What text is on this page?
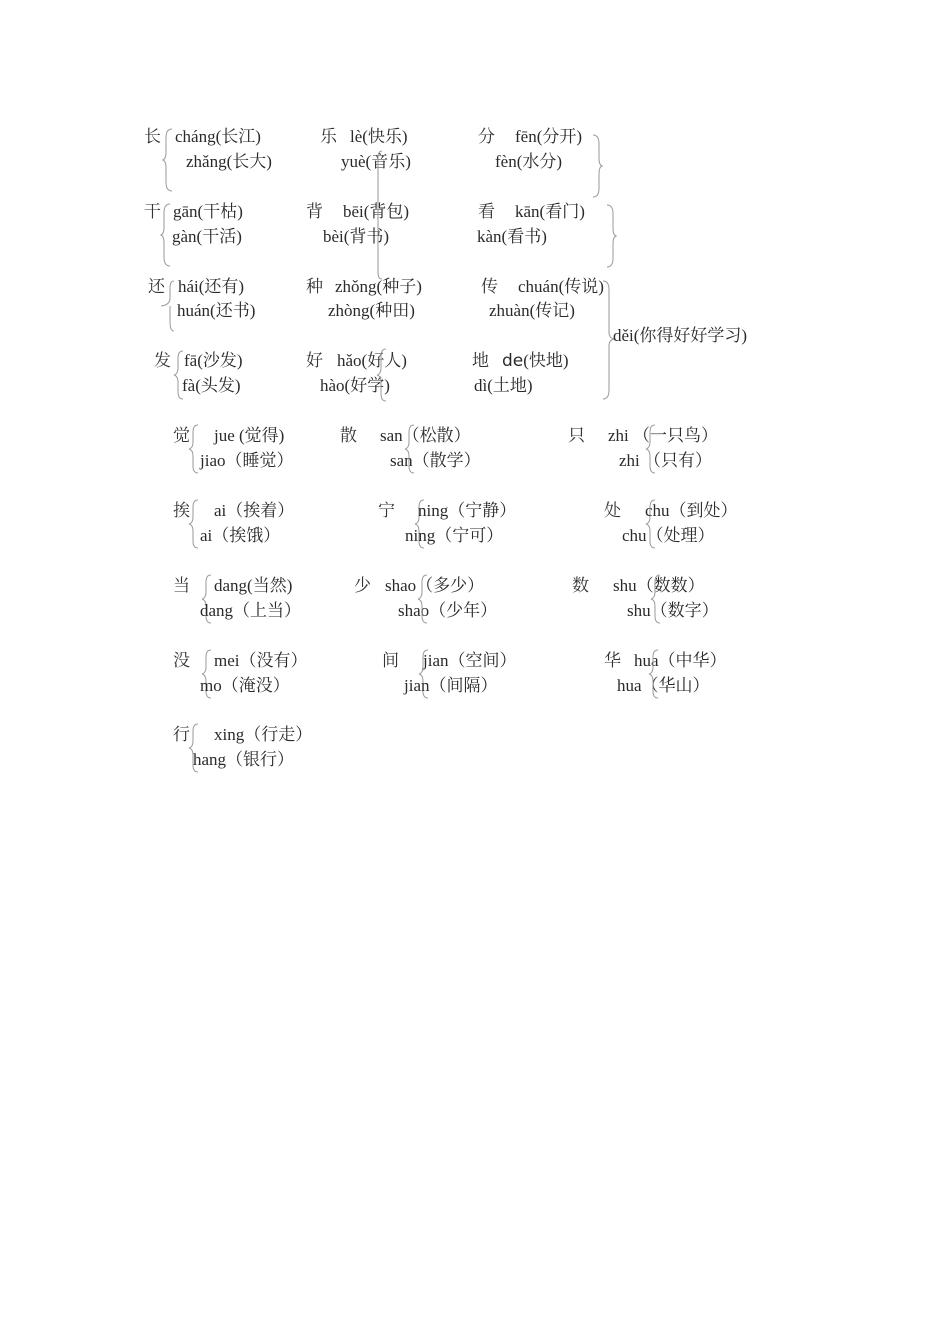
长 cháng(长江)
zhǎng(长大)
乐 lè(快乐)
yuè(音乐)
分 fēn(分开)
fèn(水分)
干 gān(干枯)
gàn(干活)
背 bēi(背包)
bèi(背书)
看 kān(看门)
kàn(看书)
还 hái(还有)
huán(还书)
种 zhǒng(种子)
zhòng(种田)
传 chuán(传说)
zhuàn(传记)
děi(你得好好学习)
发 fā(沙发)
fà(头发)
好 hǎo(好人)
hào(好学)
地 de(快地)
dì(土地)
觉 jue (觉得)
jiao（睡觉）
散 san（松散）
san（散学）
只 zhi （一只鸟）
zhi （只有）
挨 ai（挨着）
ai（挨饿）
宁 ning（宁静）
ning（宁可）
处 chu（到处）
chu（处理）
当 dang(当然)
dang（上当）
少 shao（多少）
shao（少年）
数 shu（数数）
shu（数字）
没 mei（没有）
mo（淹没）
间 jian（空间）
jian（间隔）
华 hua（中华）
hua（华山）
行 xing（行走）
hang（银行）
